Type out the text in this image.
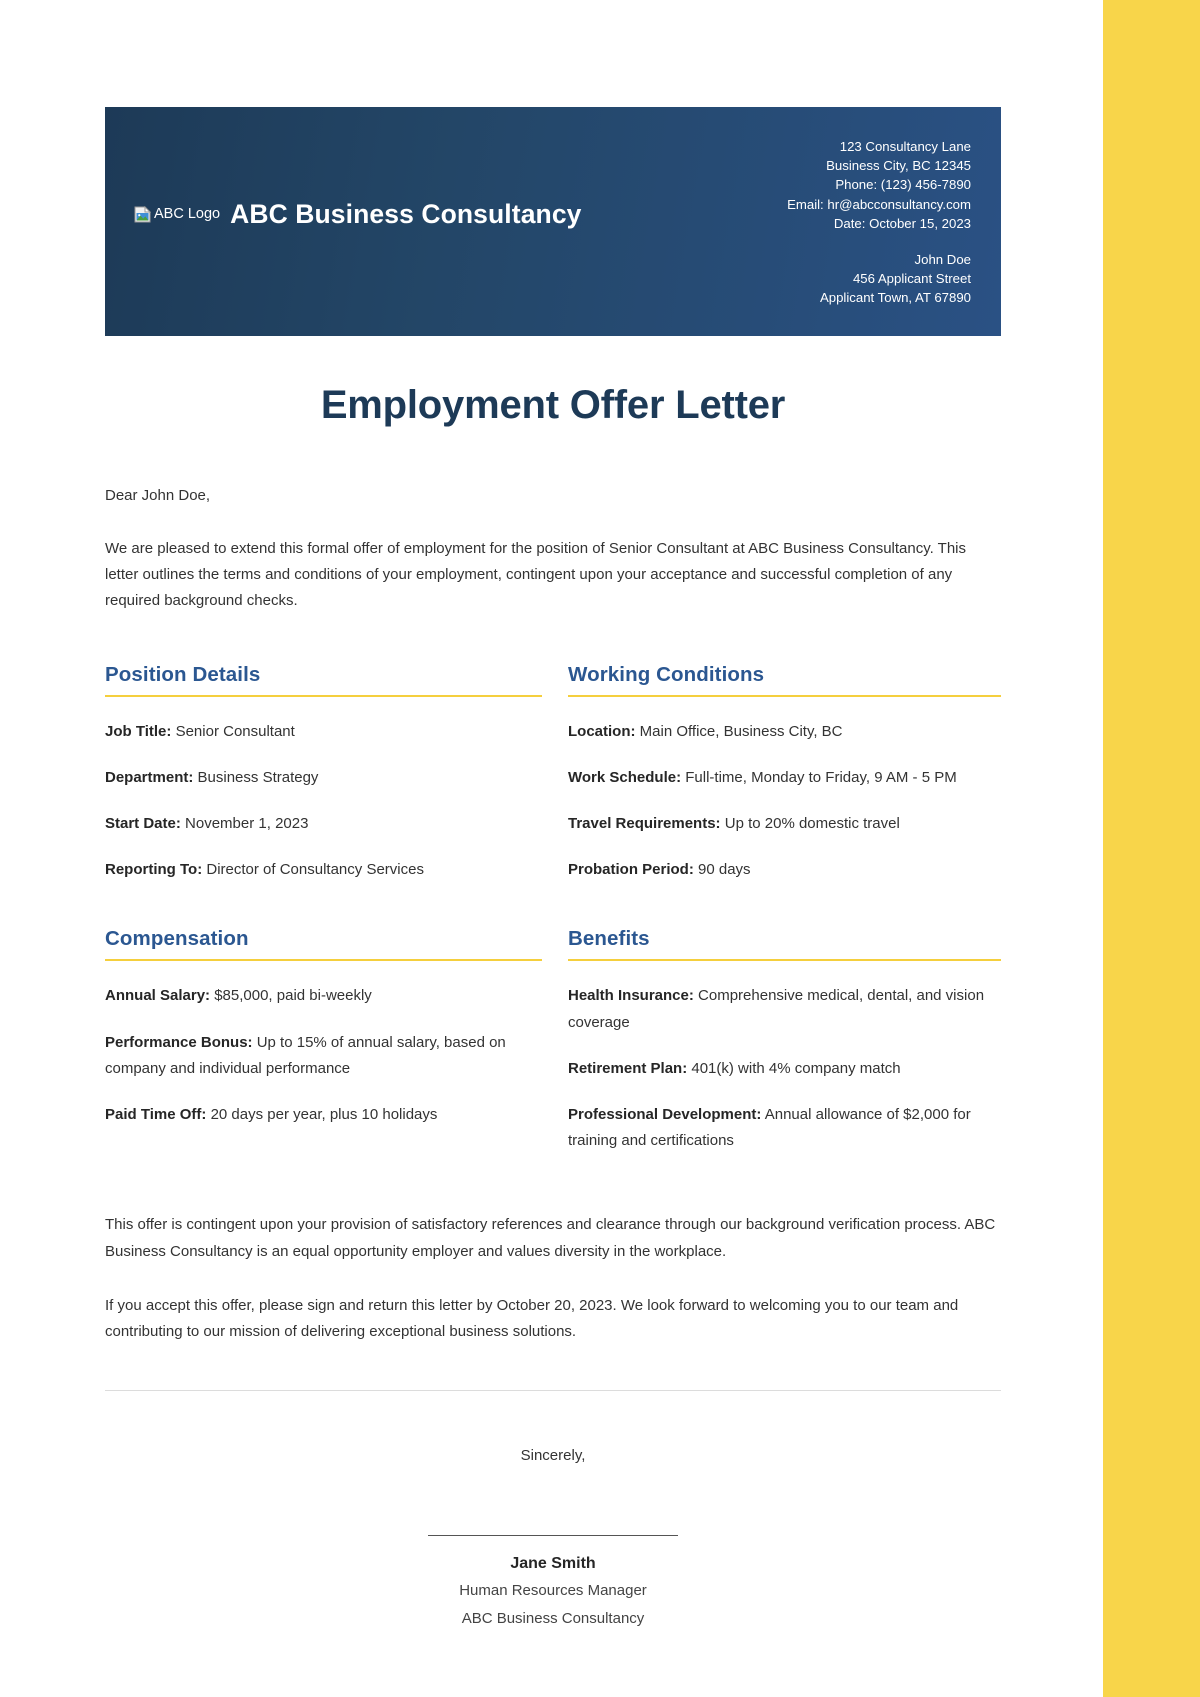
ABC Logo ABC Business Consultancy
123 Consultancy Lane
Business City, BC 12345
Phone: (123) 456-7890
Email: hr@abcconsultancy.com
Date: October 15, 2023
John Doe
456 Applicant Street
Applicant Town, AT 67890
Employment Offer Letter

Dear John Doe,

We are pleased to extend this formal offer of employment for the position of Senior Consultant at ABC Business Consultancy. This letter outlines the terms and conditions of your employment, contingent upon your acceptance and successful completion of any required background checks.

Position Details

Job Title: Senior Consultant

Department: Business Strategy

Start Date: November 1, 2023

Reporting To: Director of Consultancy Services

Working Conditions

Location: Main Office, Business City, BC

Work Schedule: Full-time, Monday to Friday, 9 AM - 5 PM

Travel Requirements: Up to 20% domestic travel

Probation Period: 90 days

Compensation

Annual Salary: $85,000, paid bi-weekly

Performance Bonus: Up to 15% of annual salary, based on company and individual performance

Paid Time Off: 20 days per year, plus 10 holidays

Benefits

Health Insurance: Comprehensive medical, dental, and vision coverage

Retirement Plan: 401(k) with 4% company match

Professional Development: Annual allowance of $2,000 for training and certifications

This offer is contingent upon your provision of satisfactory references and clearance through our background verification process. ABC Business Consultancy is an equal opportunity employer and values diversity in the workplace.

If you accept this offer, please sign and return this letter by October 20, 2023. We look forward to welcoming you to our team and contributing to our mission of delivering exceptional business solutions.

Sincerely,

Jane Smith

Human Resources Manager

ABC Business Consultancy
